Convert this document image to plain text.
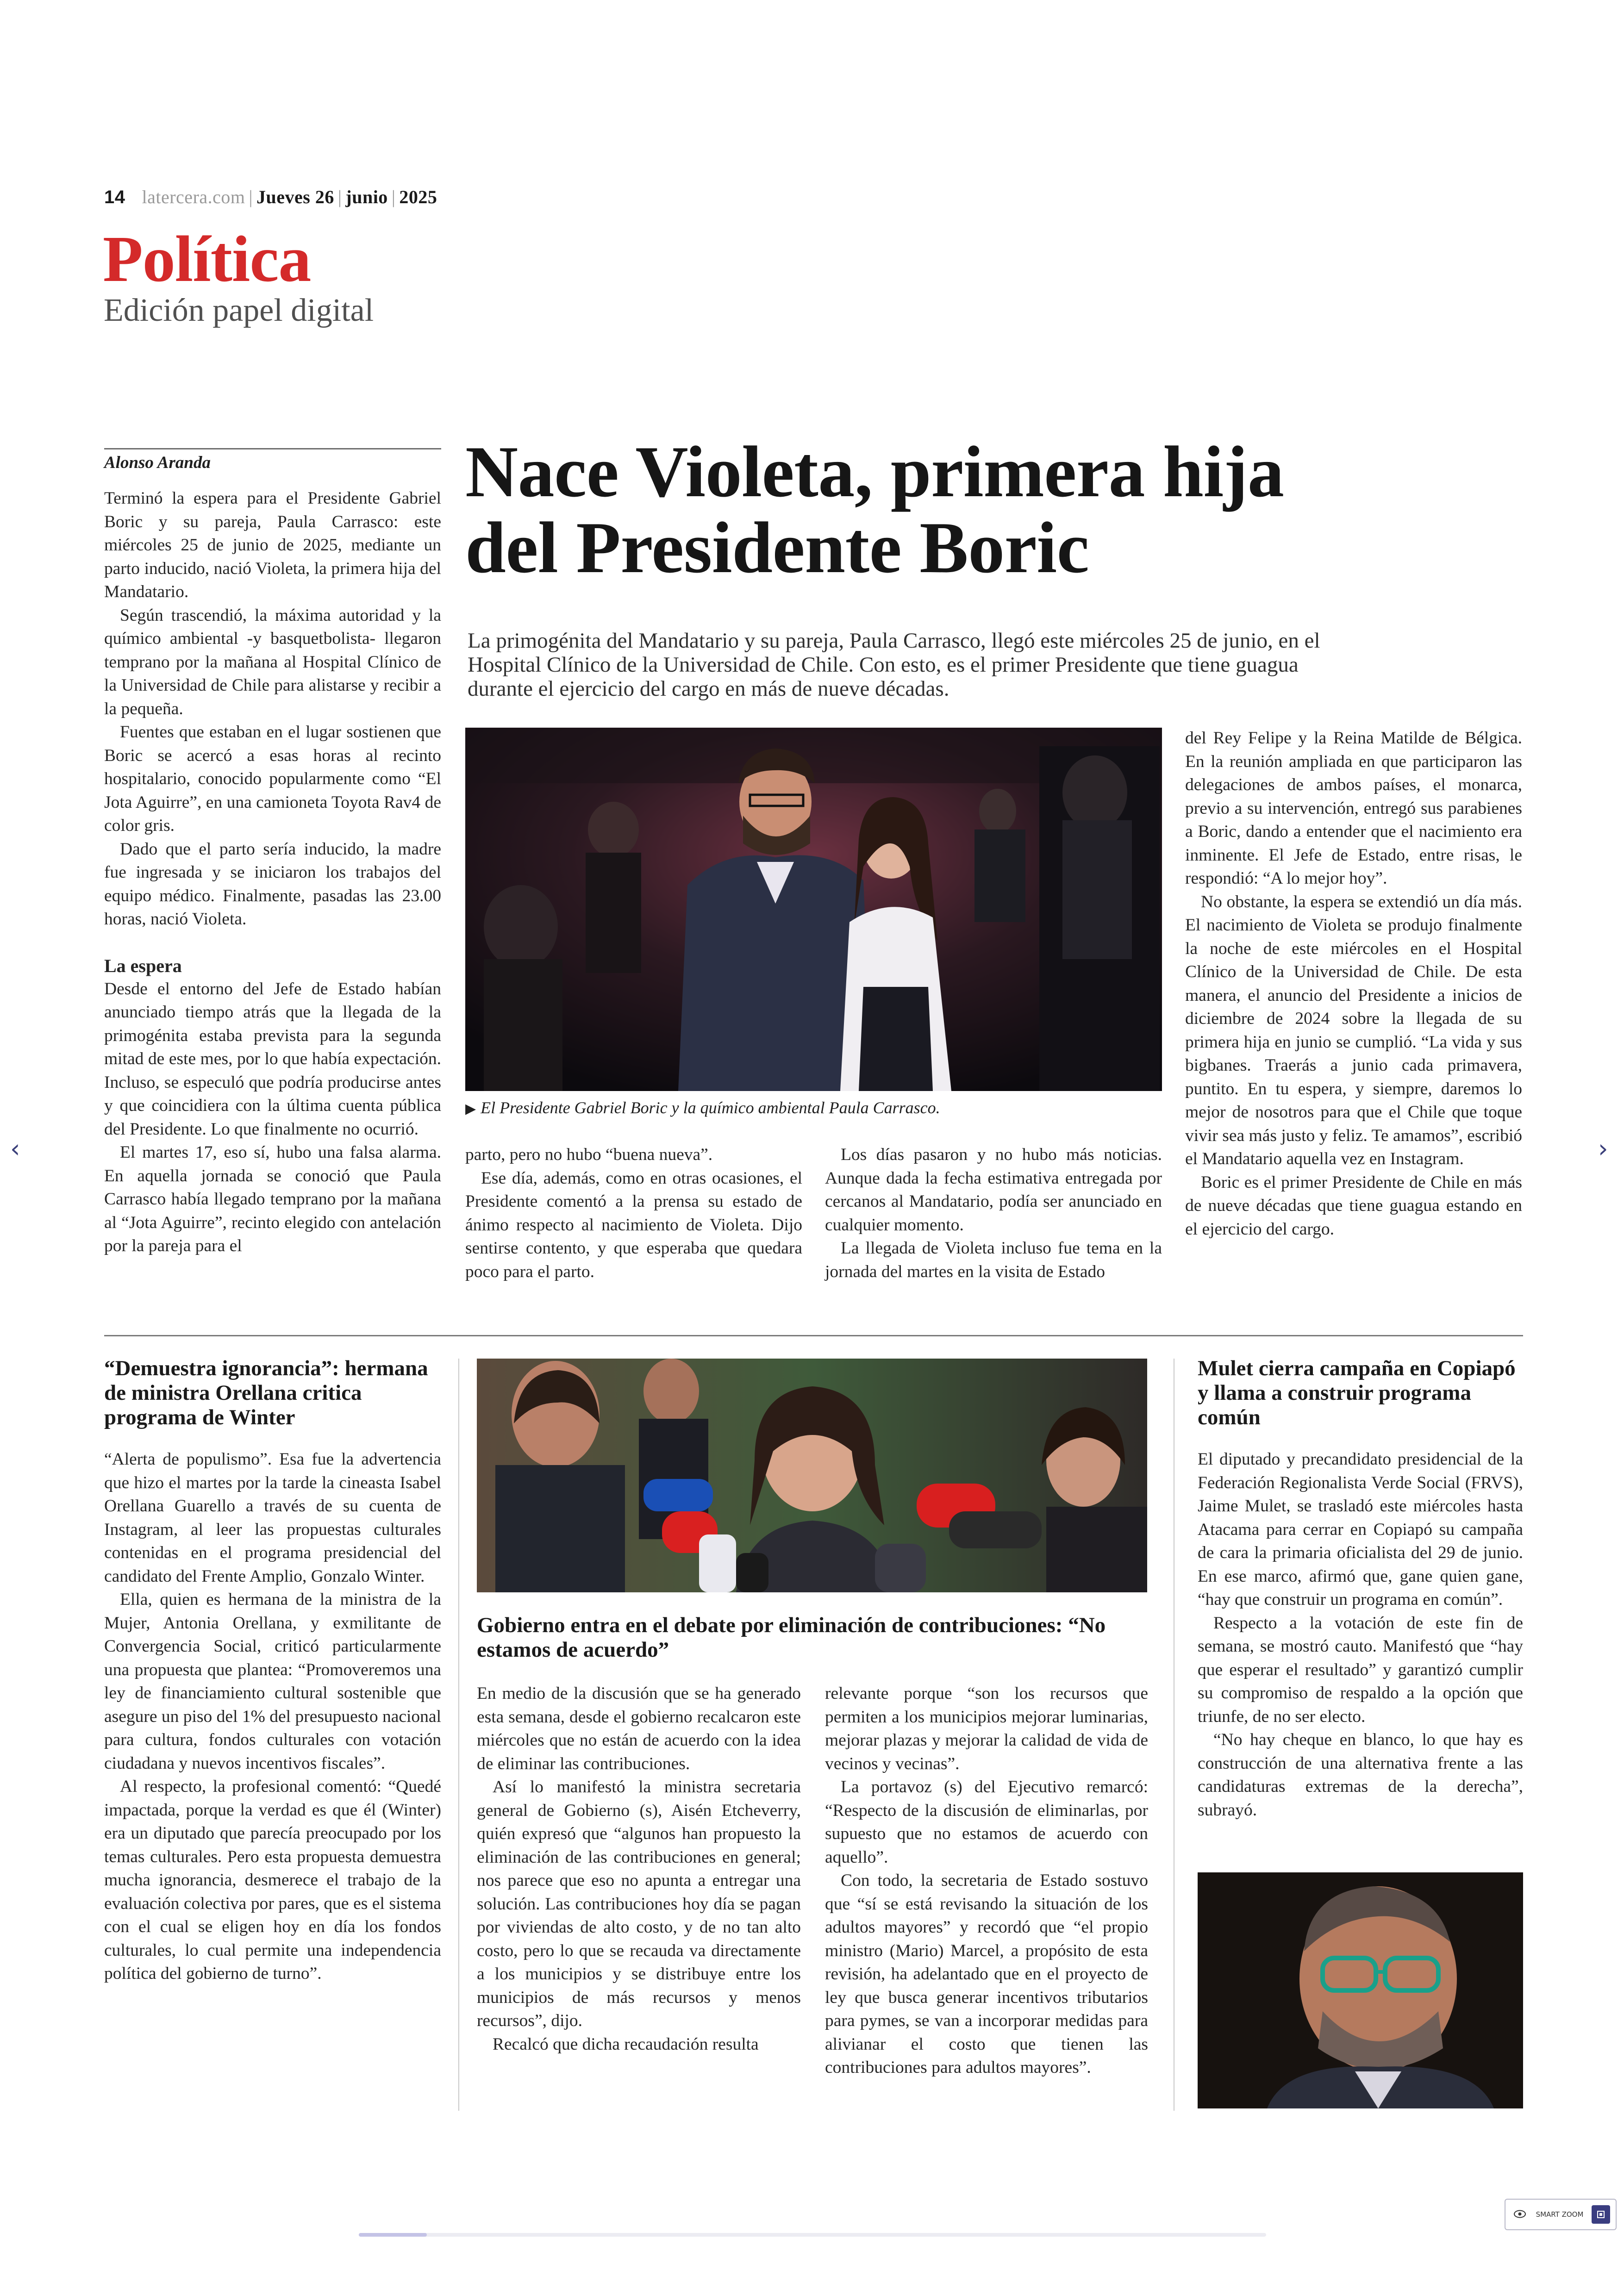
14 latercera.com | Jueves 26 | junio | 2025
Política
Edición papel digital
Alonso Aranda

Terminó la espera para el Presidente Gabriel Boric y su pareja, Paula Carrasco: este miércoles 25 de junio de 2025, mediante un parto inducido, nació Violeta, la primera hija del Mandatario.

Según trascendió, la máxima autoridad y la químico ambiental -y basquetbolista- llegaron temprano por la mañana al Hospital Clínico de la Universidad de Chile para alistarse y recibir a la pequeña.

Fuentes que estaban en el lugar sostienen que Boric se acercó a esas horas al recinto hospitalario, conocido popularmente como “El Jota Aguirre”, en una camioneta Toyota Rav4 de color gris.

Dado que el parto sería inducido, la madre fue ingresada y se iniciaron los trabajos del equipo médico. Finalmente, pasadas las 23.00 horas, nació Violeta.

La espera

Desde el entorno del Jefe de Estado habían anunciado tiempo atrás que la llegada de la primogénita estaba prevista para la segunda mitad de este mes, por lo que había expectación. Incluso, se especuló que podría producirse antes y que coincidiera con la última cuenta pública del Presidente. Lo que finalmente no ocurrió.

El martes 17, eso sí, hubo una falsa alarma. En aquella jornada se conoció que Paula Carrasco había llegado temprano por la mañana al “Jota Aguirre”, recinto elegido con antelación por la pareja para el

Nace Violeta, primera hija del Presidente Boric
La primogénita del Mandatario y su pareja, Paula Carrasco, llegó este miércoles 25 de junio, en el Hospital Clínico de la Universidad de Chile. Con esto, es el primer Presidente que tiene guagua durante el ejercicio del cargo en más de nueve décadas.
▶ El Presidente Gabriel Boric y la químico ambiental Paula Carrasco.

parto, pero no hubo “buena nueva”.

Ese día, además, como en otras ocasiones, el Presidente comentó a la prensa su estado de ánimo respecto al nacimiento de Violeta. Dijo sentirse contento, y que esperaba que quedara poco para el parto.

Los días pasaron y no hubo más noticias. Aunque dada la fecha estimativa entregada por cercanos al Mandatario, podía ser anunciado en cualquier momento.

La llegada de Violeta incluso fue tema en la jornada del martes en la visita de Estado

del Rey Felipe y la Reina Matilde de Bélgica. En la reunión ampliada en que participaron las delegaciones de ambos países, el monarca, previo a su intervención, entregó sus parabienes a Boric, dando a entender que el nacimiento era inminente. El Jefe de Estado, entre risas, le respondió: “A lo mejor hoy”.

No obstante, la espera se extendió un día más. El nacimiento de Violeta se produjo finalmente la noche de este miércoles en el Hospital Clínico de la Universidad de Chile. De esta manera, el anuncio del Presidente a inicios de diciembre de 2024 sobre la llegada de su primera hija en junio se cumplió. “La vida y sus bigbanes. Traerás a junio cada primavera, puntito. En tu espera, y siempre, daremos lo mejor de nosotros para que el Chile que toque vivir sea más justo y feliz. Te amamos”, escribió el Mandatario aquella vez en Instagram.

Boric es el primer Presidente de Chile en más de nueve décadas que tiene guagua estando en el ejercicio del cargo.

“Demuestra ignorancia”: hermana de ministra Orellana critica programa de Winter

“Alerta de populismo”. Esa fue la advertencia que hizo el martes por la tarde la cineasta Isabel Orellana Guarello a través de su cuenta de Instagram, al leer las propuestas culturales contenidas en el programa presidencial del candidato del Frente Amplio, Gonzalo Winter.

Ella, quien es hermana de la ministra de la Mujer, Antonia Orellana, y exmilitante de Convergencia Social, criticó particularmente una propuesta que plantea: “Promoveremos una ley de financiamiento cultural sostenible que asegure un piso del 1% del presupuesto nacional para cultura, fondos culturales con votación ciudadana y nuevos incentivos fiscales”.

Al respecto, la profesional comentó: “Quedé impactada, porque la verdad es que él (Winter) era un diputado que parecía preocupado por los temas culturales. Pero esta propuesta demuestra mucha ignorancia, desmerece el trabajo de la evaluación colectiva por pares, que es el sistema con el cual se eligen hoy en día los fondos culturales, lo cual permite una independencia política del gobierno de turno”.

Gobierno entra en el debate por eliminación de contribuciones: “No estamos de acuerdo”

En medio de la discusión que se ha generado esta semana, desde el gobierno recalcaron este miércoles que no están de acuerdo con la idea de eliminar las contribuciones.

Así lo manifestó la ministra secretaria general de Gobierno (s), Aisén Etcheverry, quién expresó que “algunos han propuesto la eliminación de las contribuciones en general; nos parece que eso no apunta a entregar una solución. Las contribuciones hoy día se pagan por viviendas de alto costo, y de no tan alto costo, pero lo que se recauda va directamente a los municipios y se distribuye entre los municipios de más recursos y menos recursos”, dijo.

Recalcó que dicha recaudación resulta

relevante porque “son los recursos que permiten a los municipios mejorar luminarias, mejorar plazas y mejorar la calidad de vida de vecinos y vecinas”.

La portavoz (s) del Ejecutivo remarcó: “Respecto de la discusión de eliminarlas, por supuesto que no estamos de acuerdo con aquello”.

Con todo, la secretaria de Estado sostuvo que “sí se está revisando la situación de los adultos mayores” y recordó que “el propio ministro (Mario) Marcel, a propósito de esta revisión, ha adelantado que en el proyecto de ley que busca generar incentivos tributarios para pymes, se van a incorporar medidas para alivianar el costo que tienen las contribuciones para adultos mayores”.

Mulet cierra campaña en Copiapó y llama a construir programa común

El diputado y precandidato presidencial de la Federación Regionalista Verde Social (FRVS), Jaime Mulet, se trasladó este miércoles hasta Atacama para cerrar en Copiapó su campaña de cara la primaria oficialista del 29 de junio. En ese marco, afirmó que, gane quien gane, “hay que construir un programa en común”.

Respecto a la votación de este fin de semana, se mostró cauto. Manifestó que “hay que esperar el resultado” y garantizó cumplir su compromiso de respaldo a la opción que triunfe, de no ser electo.

“No hay cheque en blanco, lo que hay es construcción de una alternativa frente a las candidaturas extremas de la derecha”, subrayó.

‹	›
SMART ZOOM
